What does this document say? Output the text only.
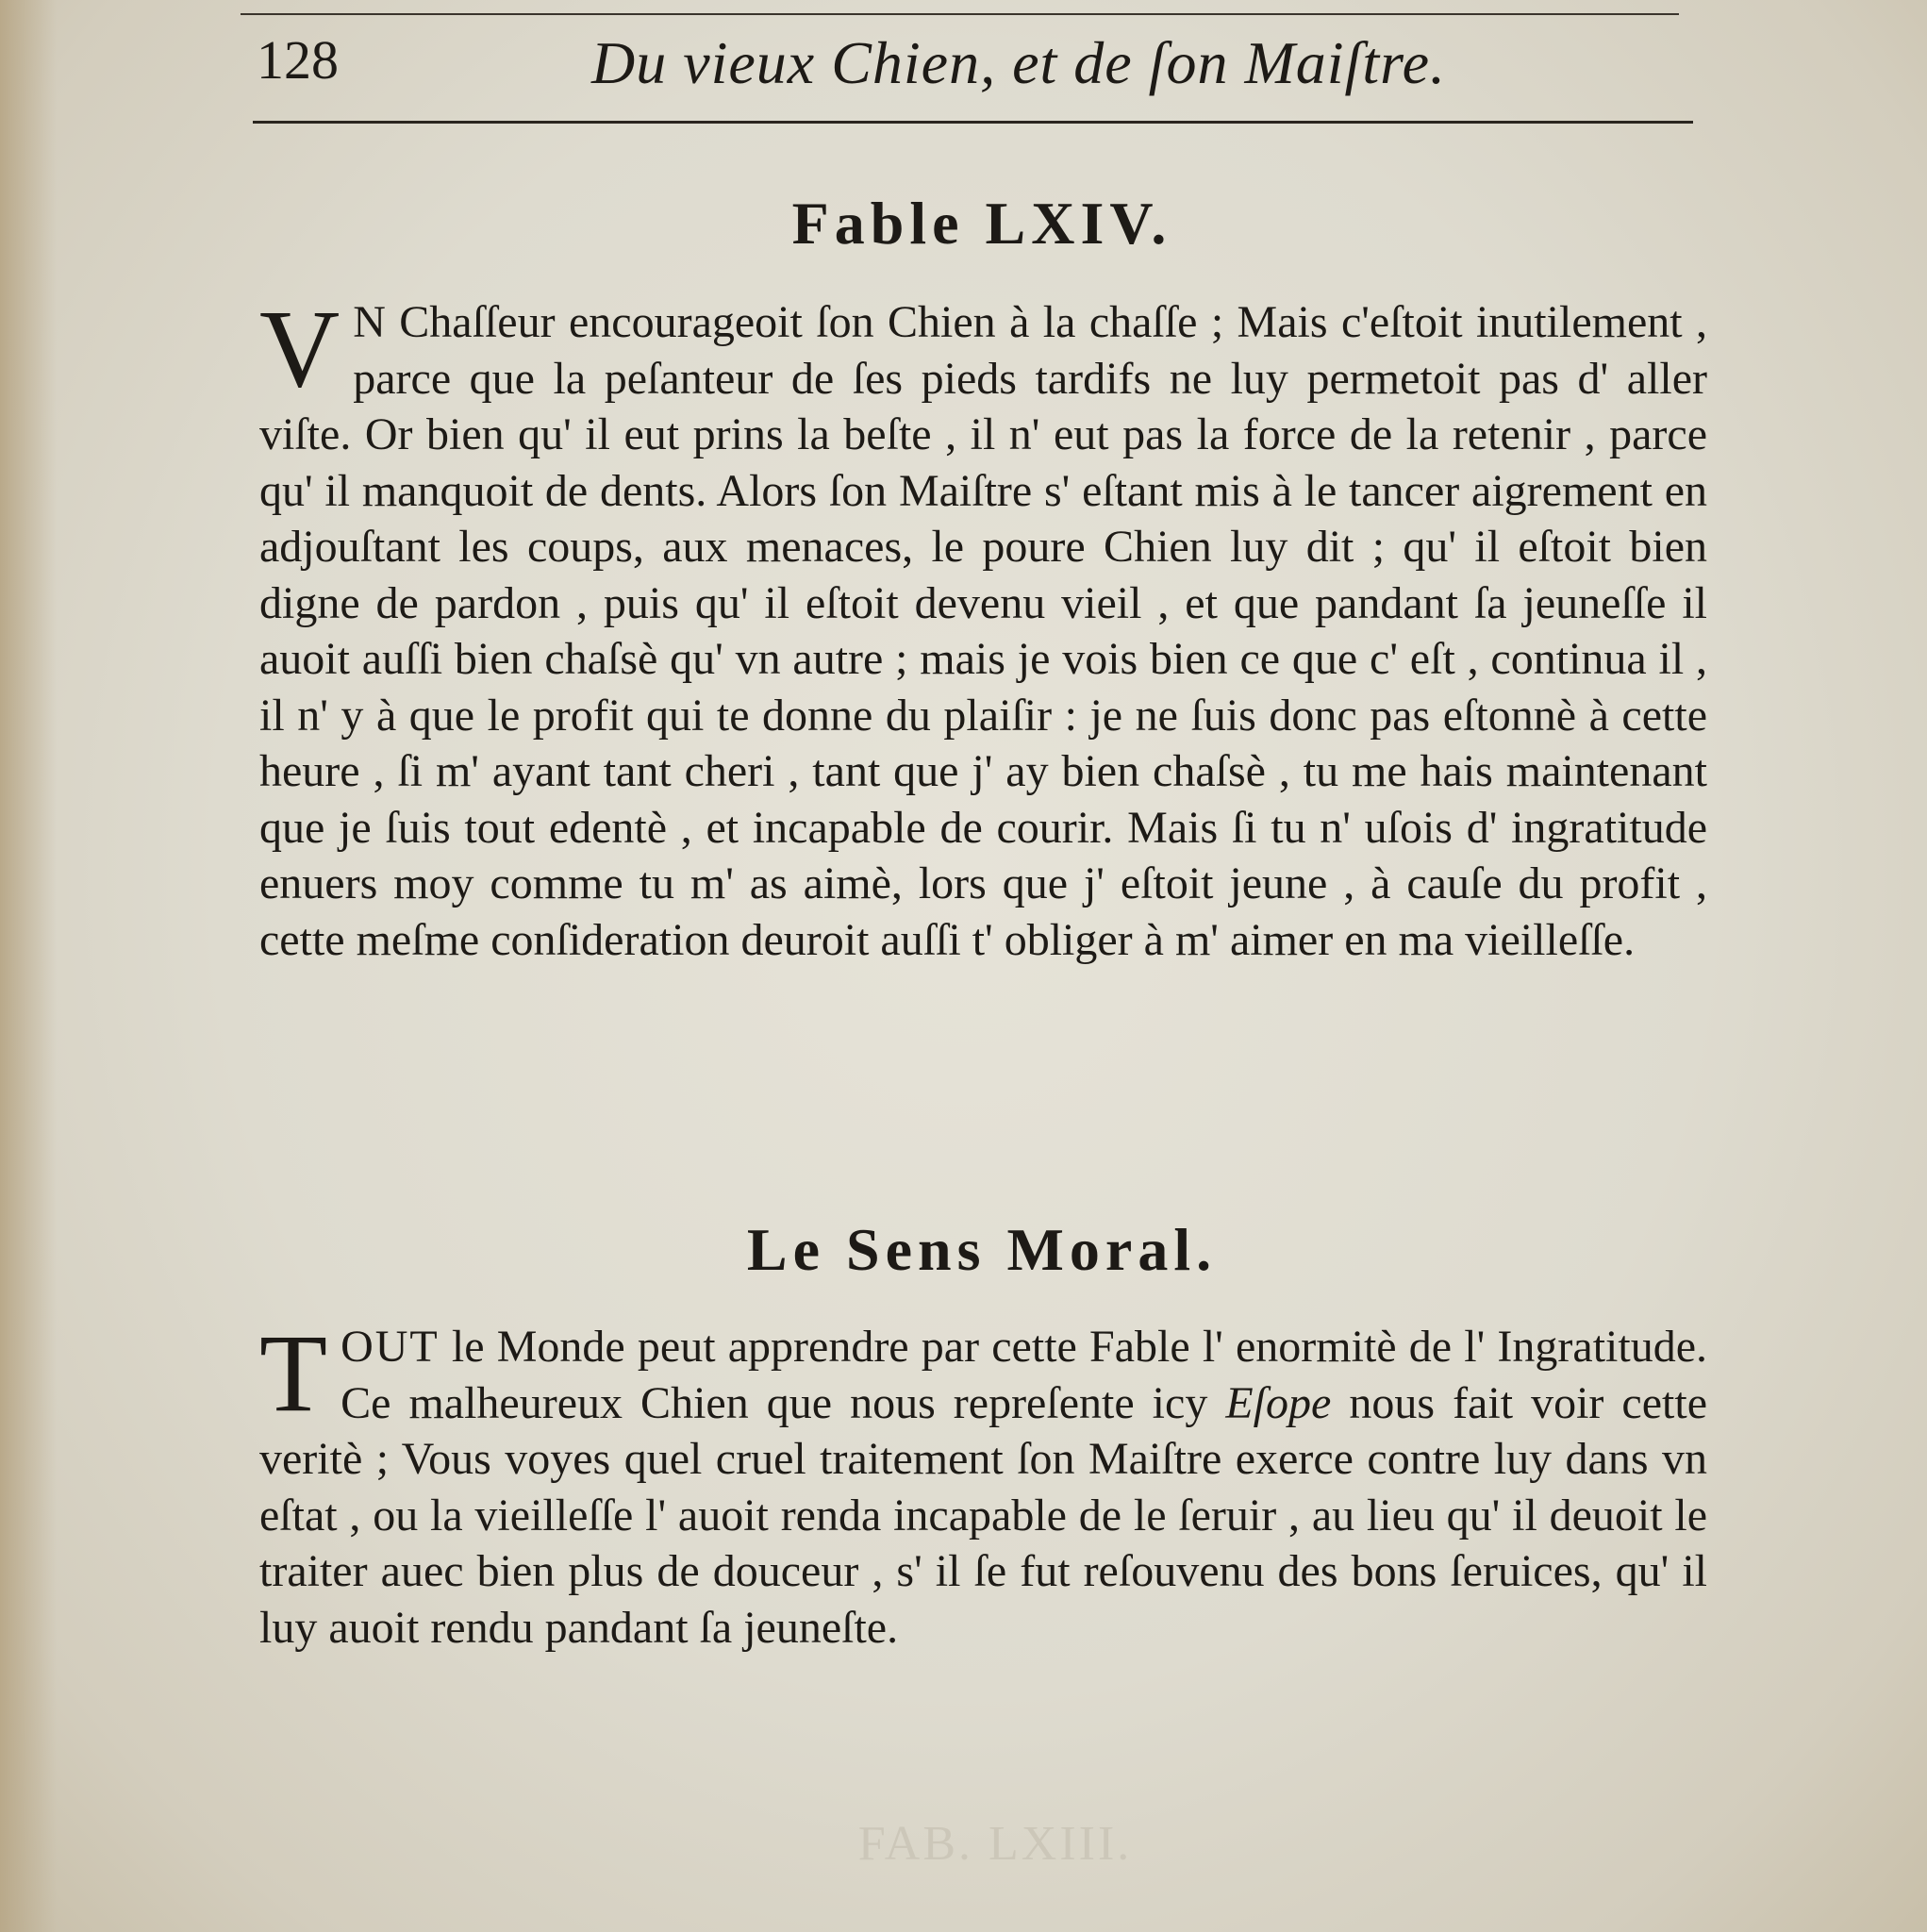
128	Du vieux Chien, et de ſon Maiſtre.
Fable LXIV.

V N Chaſſeur encourageoit ſon Chien à la chaſſe ; Mais c'eſtoit inutilement , parce que la peſanteur de ſes pieds tardifs ne luy permetoit pas d' aller viſte. Or bien qu' il eut prins la beſte , il n' eut pas la force de la retenir , parce qu' il manquoit de dents. Alors ſon Maiſtre s' eſtant mis à le tancer aigrement en adjouſtant les coups, aux menaces, le poure Chien luy dit ; qu' il eſtoit bien digne de pardon , puis qu' il eſtoit devenu vieil , et que pandant ſa jeuneſſe il auoit auſſi bien chaſsè qu' vn autre ; mais je vois bien ce que c' eſt , continua il , il n' y à que le profit qui te donne du plaiſir : je ne ſuis donc pas eſtonnè à cette heure , ſi m' ayant tant cheri , tant que j' ay bien chaſsè , tu me hais maintenant que je ſuis tout edentè , et incapable de courir. Mais ſi tu n' uſois d' ingratitude enuers moy comme tu m' as aimè, lors que j' eſtoit jeune , à cauſe du profit , cette meſme conſideration deuroit auſſi t' obliger à m' aimer en ma vieilleſſe.

Le Sens Moral.

TOUT le Monde peut apprendre par cette Fable l' enormitè de l' Ingratitude. Ce malheureux Chien que nous repreſente icy Eſope nous fait voir cette veritè ; Vous voyes quel cruel traitement ſon Maiſtre exerce contre luy dans vn eſtat , ou la vieilleſſe l' auoit renda incapable de le ſeruir , au lieu qu' il deuoit le traiter auec bien plus de douceur , s' il ſe fut reſouvenu des bons ſeruices, qu' il luy auoit rendu pandant ſa jeuneſte.

FAB. LXIII.
